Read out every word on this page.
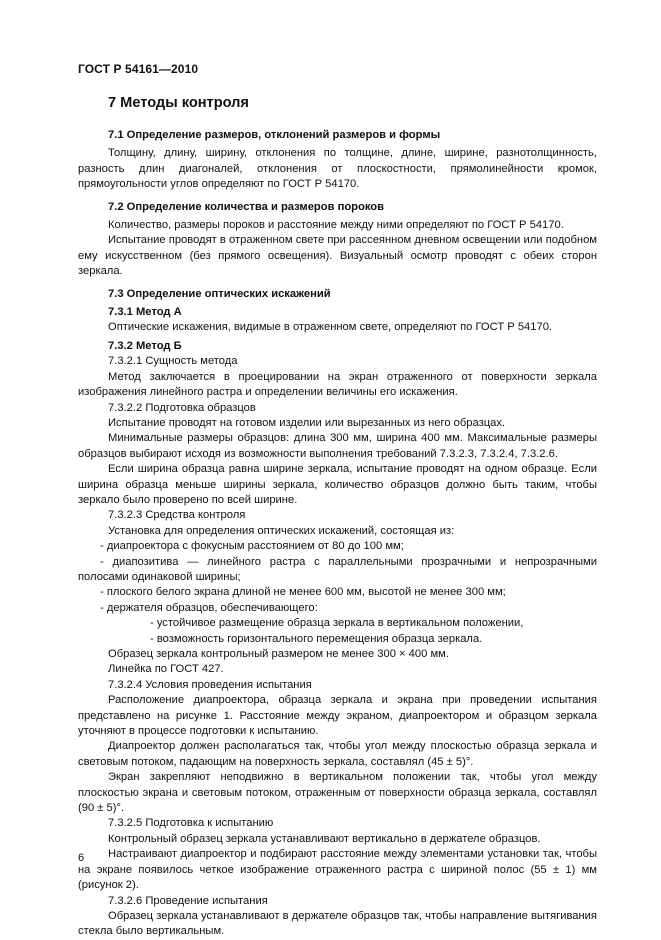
ГОСТ Р 54161—2010
7 Методы контроля
7.1 Определение размеров, отклонений размеров и формы

Толщину, длину, ширину, отклонения по толщине, длине, ширине, разнотолщинность, разность длин диагоналей, отклонения от плоскостности, прямолинейности кромок, прямоугольности углов определяют по ГОСТ Р 54170.

7.2 Определение количества и размеров пороков

Количество, размеры пороков и расстояние между ними определяют по ГОСТ Р 54170.

Испытание проводят в отраженном свете при рассеянном дневном освещении или подобном ему искусственном (без прямого освещения). Визуальный осмотр проводят с обеих сторон зеркала.

7.3 Определение оптических искажений
7.3.1 Метод А

Оптические искажения, видимые в отраженном свете, определяют по ГОСТ Р 54170.

7.3.2 Метод Б
7.3.2.1 Сущность метода

Метод заключается в проецировании на экран отраженного от поверхности зеркала изображения линейного растра и определении величины его искажения.

7.3.2.2 Подготовка образцов

Испытание проводят на готовом изделии или вырезанных из него образцах.

Минимальные размеры образцов: длина 300 мм, ширина 400 мм. Максимальные размеры образцов выбирают исходя из возможности выполнения требований 7.3.2.3, 7.3.2.4, 7.3.2.6.

Если ширина образца равна ширине зеркала, испытание проводят на одном образце. Если ширина образца меньше ширины зеркала, количество образцов должно быть таким, чтобы зеркало было проверено по всей ширине.

7.3.2.3 Средства контроля

Установка для определения оптических искажений, состоящая из:

- диапроектора с фокусным расстоянием от 80 до 100 мм;
- диапозитива — линейного растра с параллельными прозрачными и непрозрачными полосами одинаковой ширины;
- плоского белого экрана длиной не менее 600 мм, высотой не менее 300 мм;
- держателя образцов, обеспечивающего:
- устойчивое размещение образца зеркала в вертикальном положении,
- возможность горизонтального перемещения образца зеркала.

Образец зеркала контрольный размером не менее 300 × 400 мм.

Линейка по ГОСТ 427.

7.3.2.4 Условия проведения испытания

Расположение диапроектора, образца зеркала и экрана при проведении испытания представлено на рисунке 1. Расстояние между экраном, диапроектором и образцом зеркала уточняют в процессе подготовки к испытанию.

Диапроектор должен располагаться так, чтобы угол между плоскостью образца зеркала и световым потоком, падающим на поверхность зеркала, составлял (45 ± 5)°.

Экран закрепляют неподвижно в вертикальном положении так, чтобы угол между плоскостью экрана и световым потоком, отраженным от поверхности образца зеркала, составлял (90 ± 5)°.

7.3.2.5 Подготовка к испытанию

Контрольный образец зеркала устанавливают вертикально в держателе образцов.

Настраивают диапроектор и подбирают расстояние между элементами установки так, чтобы на экране появилось четкое изображение отраженного растра с шириной полос (55 ± 1) мм (рисунок 2).

7.3.2.6 Проведение испытания

Образец зеркала устанавливают в держателе образцов так, чтобы направление вытягивания стекла было вертикальным.

6
